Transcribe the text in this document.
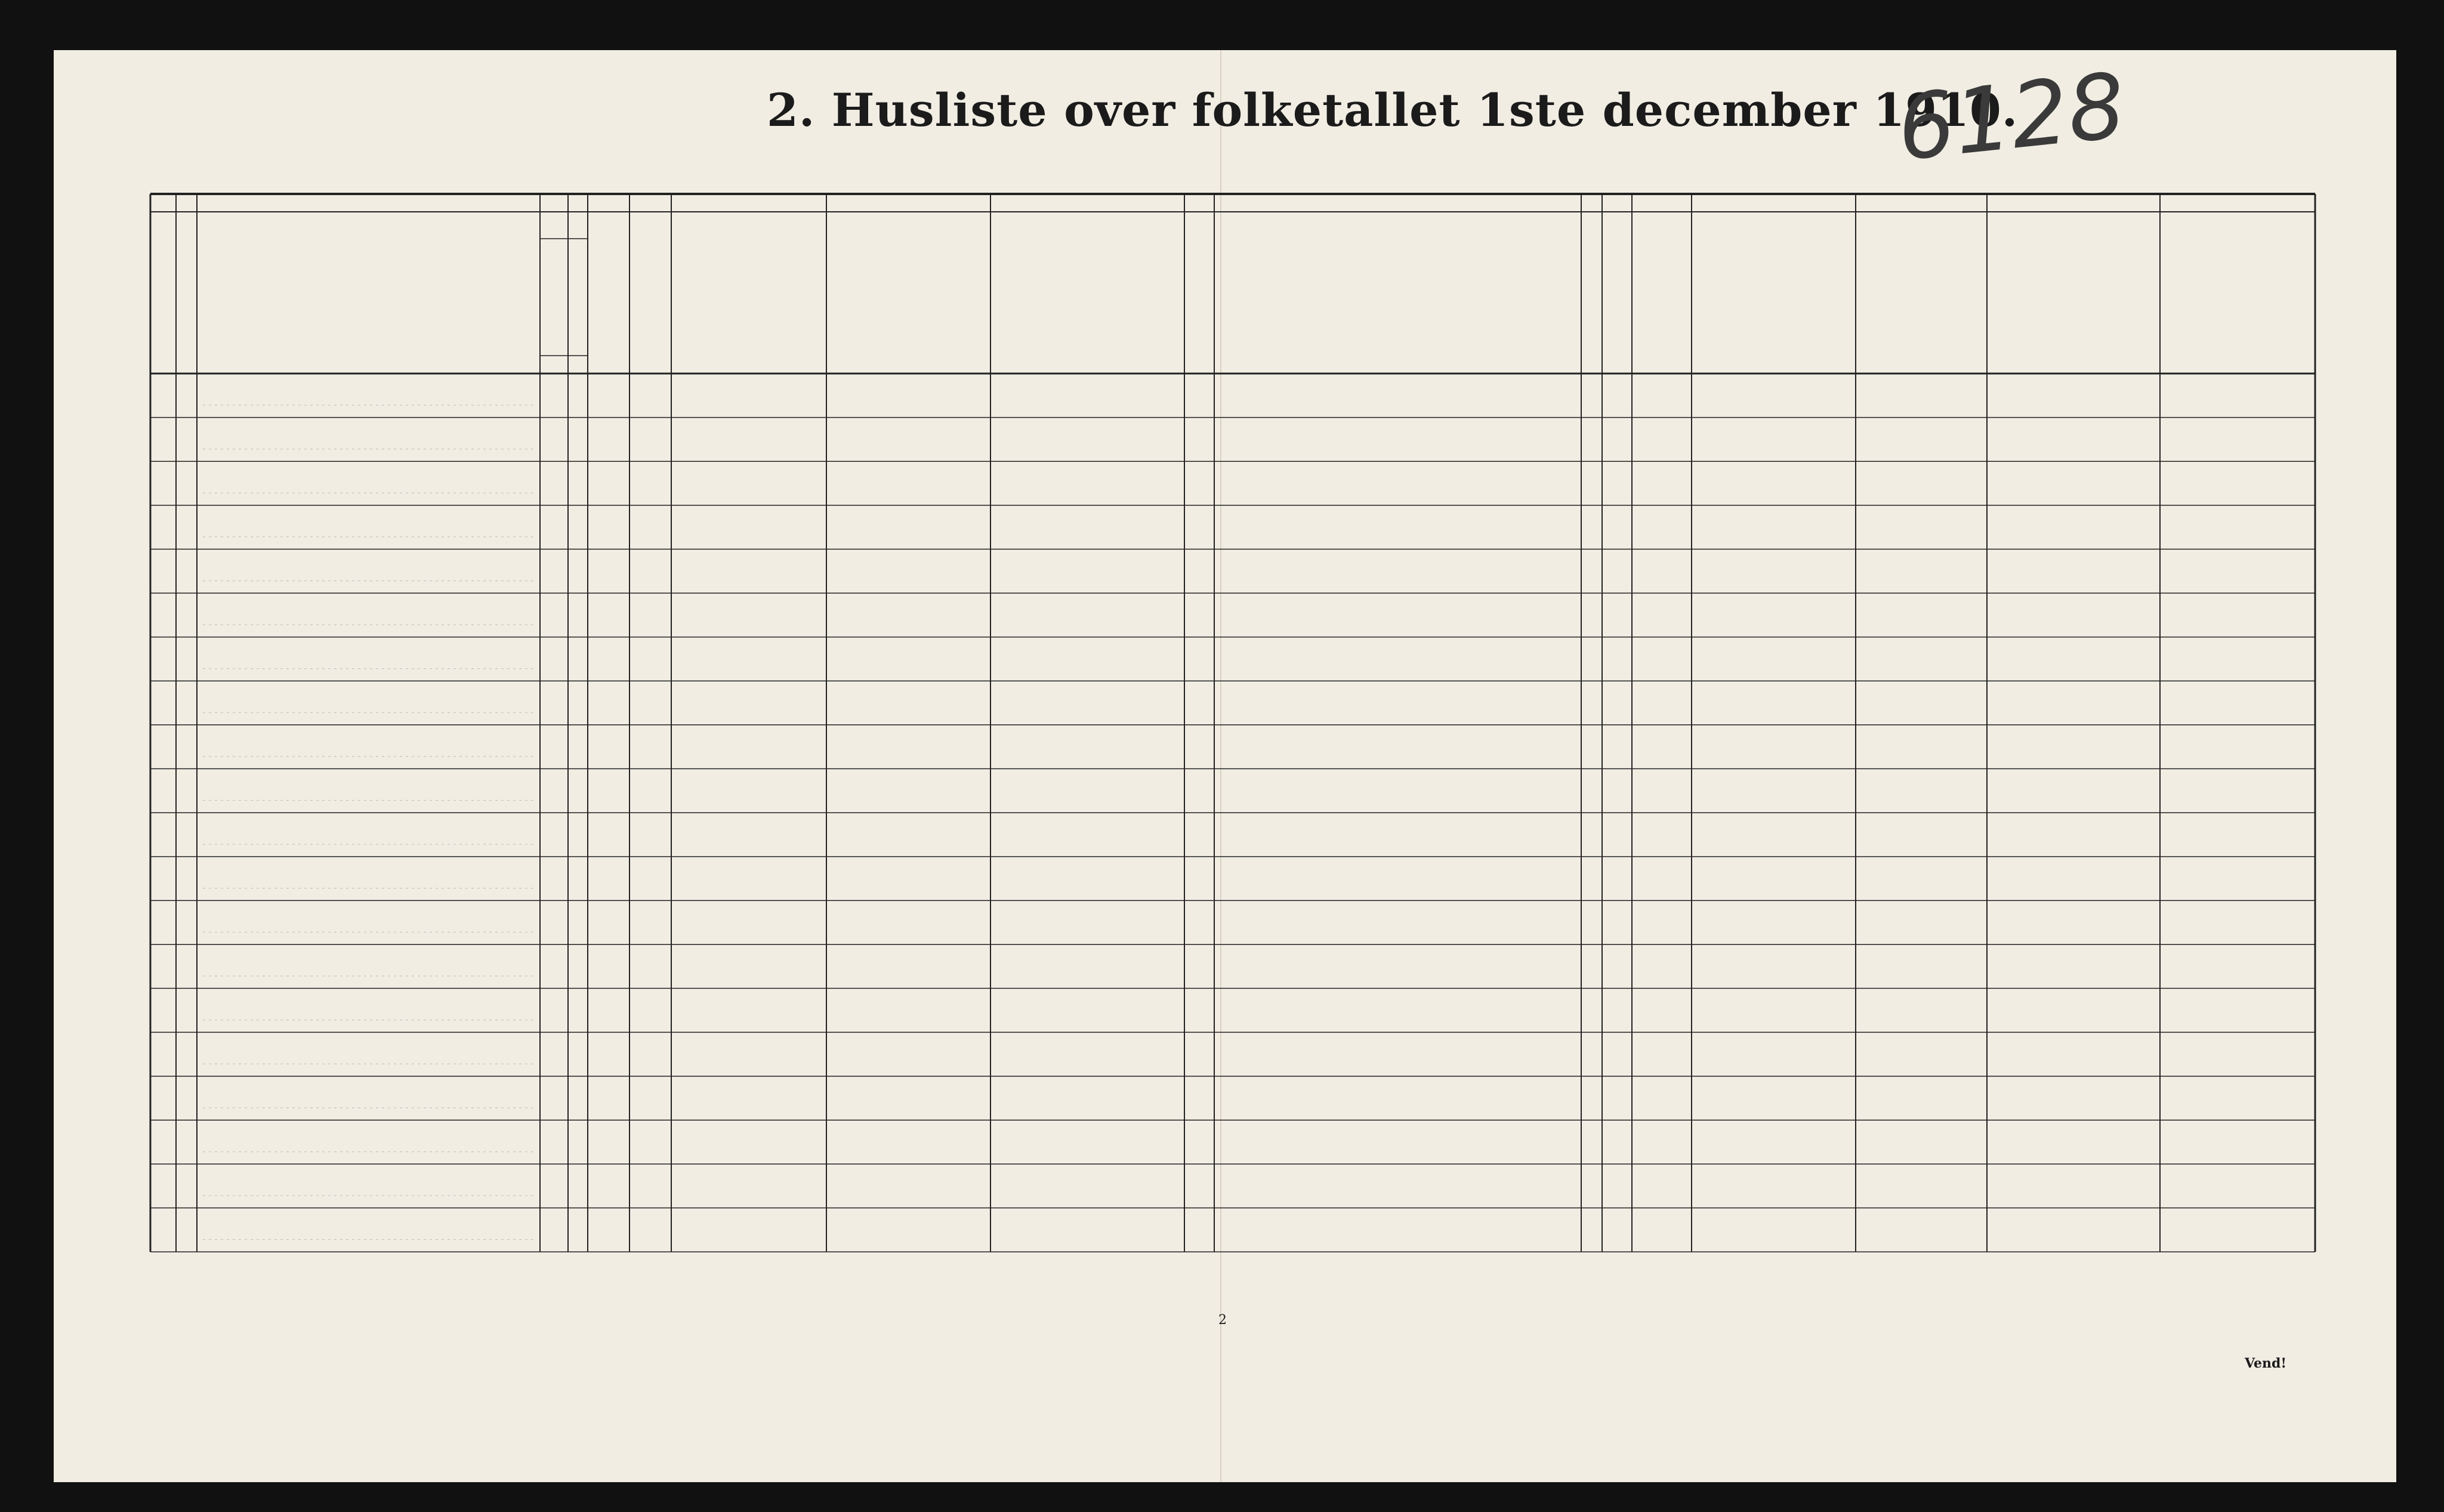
2. Husliste over folketallet 1ste december 1910.
6128
2
Vend!
